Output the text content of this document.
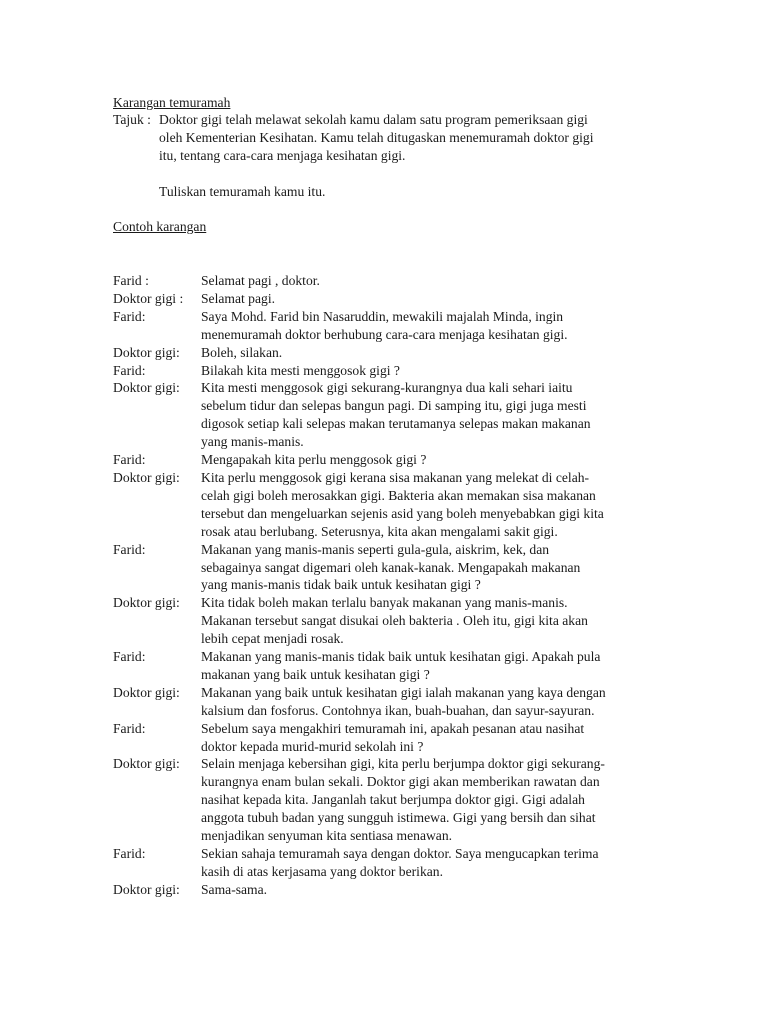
Karangan temuramah
Tajuk : Doktor gigi telah melawat sekolah kamu dalam satu program pemeriksaan gigi
oleh Kementerian Kesihatan. Kamu telah ditugaskan menemuramah doktor gigi
itu, tentang cara-cara menjaga kesihatan gigi.
Tuliskan temuramah kamu itu.
Contoh karangan
Farid :	Selamat pagi , doktor.
Doktor gigi :	Selamat pagi.
Farid:	Saya Mohd. Farid bin Nasaruddin, mewakili majalah Minda, ingin
menemuramah doktor berhubung cara-cara menjaga kesihatan gigi.
Doktor gigi:	Boleh, silakan.
Farid:	Bilakah kita mesti menggosok gigi ?
Doktor gigi:	Kita mesti menggosok gigi sekurang-kurangnya dua kali sehari iaitu
sebelum tidur dan selepas bangun pagi. Di samping itu, gigi juga mesti
digosok setiap kali selepas makan terutamanya selepas makan makanan
yang manis-manis.
Farid:	Mengapakah kita perlu menggosok gigi ?
Doktor gigi:	Kita perlu menggosok gigi kerana sisa makanan yang melekat di celah-
celah gigi boleh merosakkan gigi. Bakteria akan memakan sisa makanan
tersebut dan mengeluarkan sejenis asid yang boleh menyebabkan gigi kita
rosak atau berlubang. Seterusnya, kita akan mengalami sakit gigi.
Farid:	Makanan yang manis-manis seperti gula-gula, aiskrim, kek, dan
sebagainya sangat digemari oleh kanak-kanak. Mengapakah makanan
yang manis-manis tidak baik untuk kesihatan gigi ?
Doktor gigi:	Kita tidak boleh makan terlalu banyak makanan yang manis-manis.
Makanan tersebut sangat disukai oleh bakteria . Oleh itu, gigi kita akan
lebih cepat menjadi rosak.
Farid:	Makanan yang manis-manis tidak baik untuk kesihatan gigi. Apakah pula
makanan yang baik untuk kesihatan gigi ?
Doktor gigi:	Makanan yang baik untuk kesihatan gigi ialah makanan yang kaya dengan
kalsium dan fosforus. Contohnya ikan, buah-buahan, dan sayur-sayuran.
Farid:	Sebelum saya mengakhiri temuramah ini, apakah pesanan atau nasihat
doktor kepada murid-murid sekolah ini ?
Doktor gigi:	Selain menjaga kebersihan gigi, kita perlu berjumpa doktor gigi sekurang-
kurangnya enam bulan sekali. Doktor gigi akan memberikan rawatan dan
nasihat kepada kita. Janganlah takut berjumpa doktor gigi. Gigi adalah
anggota tubuh badan yang sungguh istimewa. Gigi yang bersih dan sihat
menjadikan senyuman kita sentiasa menawan.
Farid:	Sekian sahaja temuramah saya dengan doktor. Saya mengucapkan terima
kasih di atas kerjasama yang doktor berikan.
Doktor gigi:	Sama-sama.
